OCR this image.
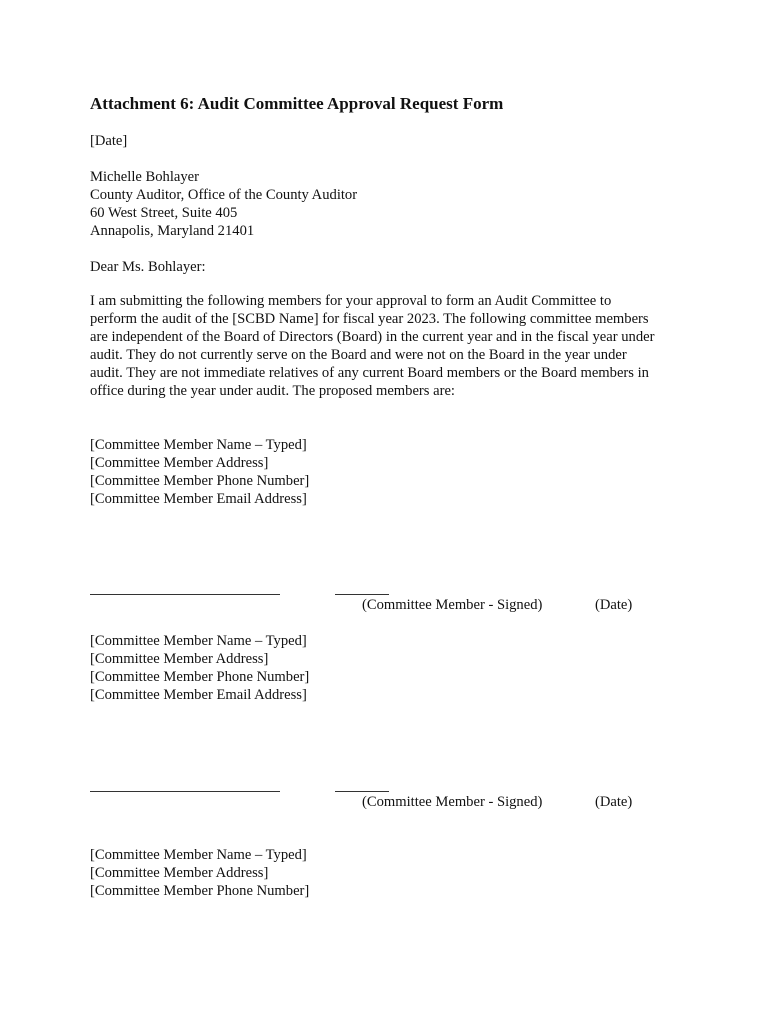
Attachment 6: Audit Committee Approval Request Form
[Date]
Michelle Bohlayer
County Auditor, Office of the County Auditor
60 West Street, Suite 405
Annapolis, Maryland 21401
Dear Ms. Bohlayer:
I am submitting the following members for your approval to form an Audit Committee to
perform the audit of the [SCBD Name] for fiscal year 2023. The following committee members
are independent of the Board of Directors (Board) in the current year and in the fiscal year under
audit. They do not currently serve on the Board and were not on the Board in the year under
audit. They are not immediate relatives of any current Board members or the Board members in
office during the year under audit. The proposed members are:
[Committee Member Name – Typed]
[Committee Member Address]
[Committee Member Phone Number]
[Committee Member Email Address]
(Committee Member - Signed)	(Date)
[Committee Member Name – Typed]
[Committee Member Address]
[Committee Member Phone Number]
[Committee Member Email Address]
(Committee Member - Signed)	(Date)
[Committee Member Name – Typed]
[Committee Member Address]
[Committee Member Phone Number]
